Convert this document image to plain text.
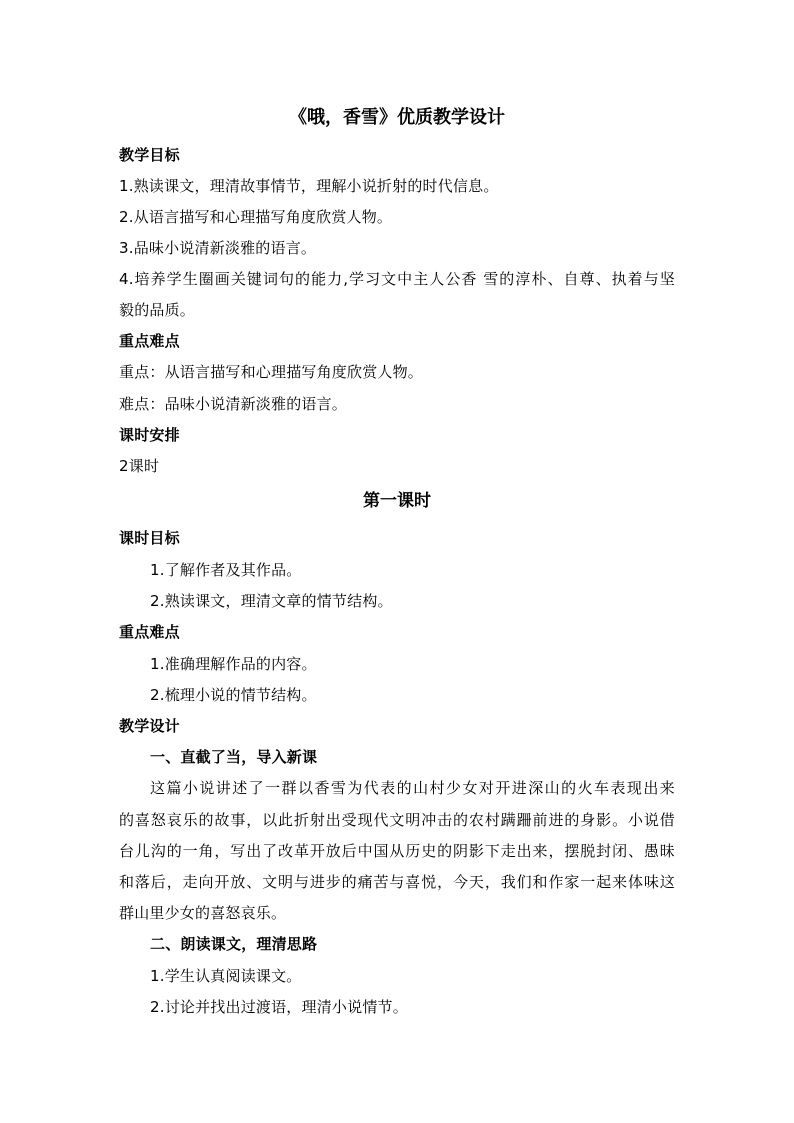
《哦，香雪》优质教学设计
教学目标
1.熟读课文，理清故事情节，理解小说折射的时代信息。
2.从语言描写和心理描写角度欣赏人物。
3.品味小说清新淡雅的语言。
4.培养学生圈画关键词句的能力,学习文中主人公香 雪的淳朴、自尊、执着与坚
毅的品质。
重点难点
重点：从语言描写和心理描写角度欣赏人物。
难点：品味小说清新淡雅的语言。
课时安排
2课时
第一课时
课时目标
1.了解作者及其作品。
2.熟读课文，理清文章的情节结构。
重点难点
1.准确理解作品的内容。
2.梳理小说的情节结构。
教学设计
一、直截了当，导入新课
这篇小说讲述了一群以香雪为代表的山村少女对开进深山的火车表现出来
的喜怒哀乐的故事，以此折射出受现代文明冲击的农村蹒跚前进的身影。小说借
台儿沟的一角，写出了改革开放后中国从历史的阴影下走出来，摆脱封闭、愚昧
和落后，走向开放、文明与进步的痛苦与喜悦，今天，我们和作家一起来体味这
群山里少女的喜怒哀乐。
二、朗读课文，理清思路
1.学生认真阅读课文。
2.讨论并找出过渡语，理清小说情节。
